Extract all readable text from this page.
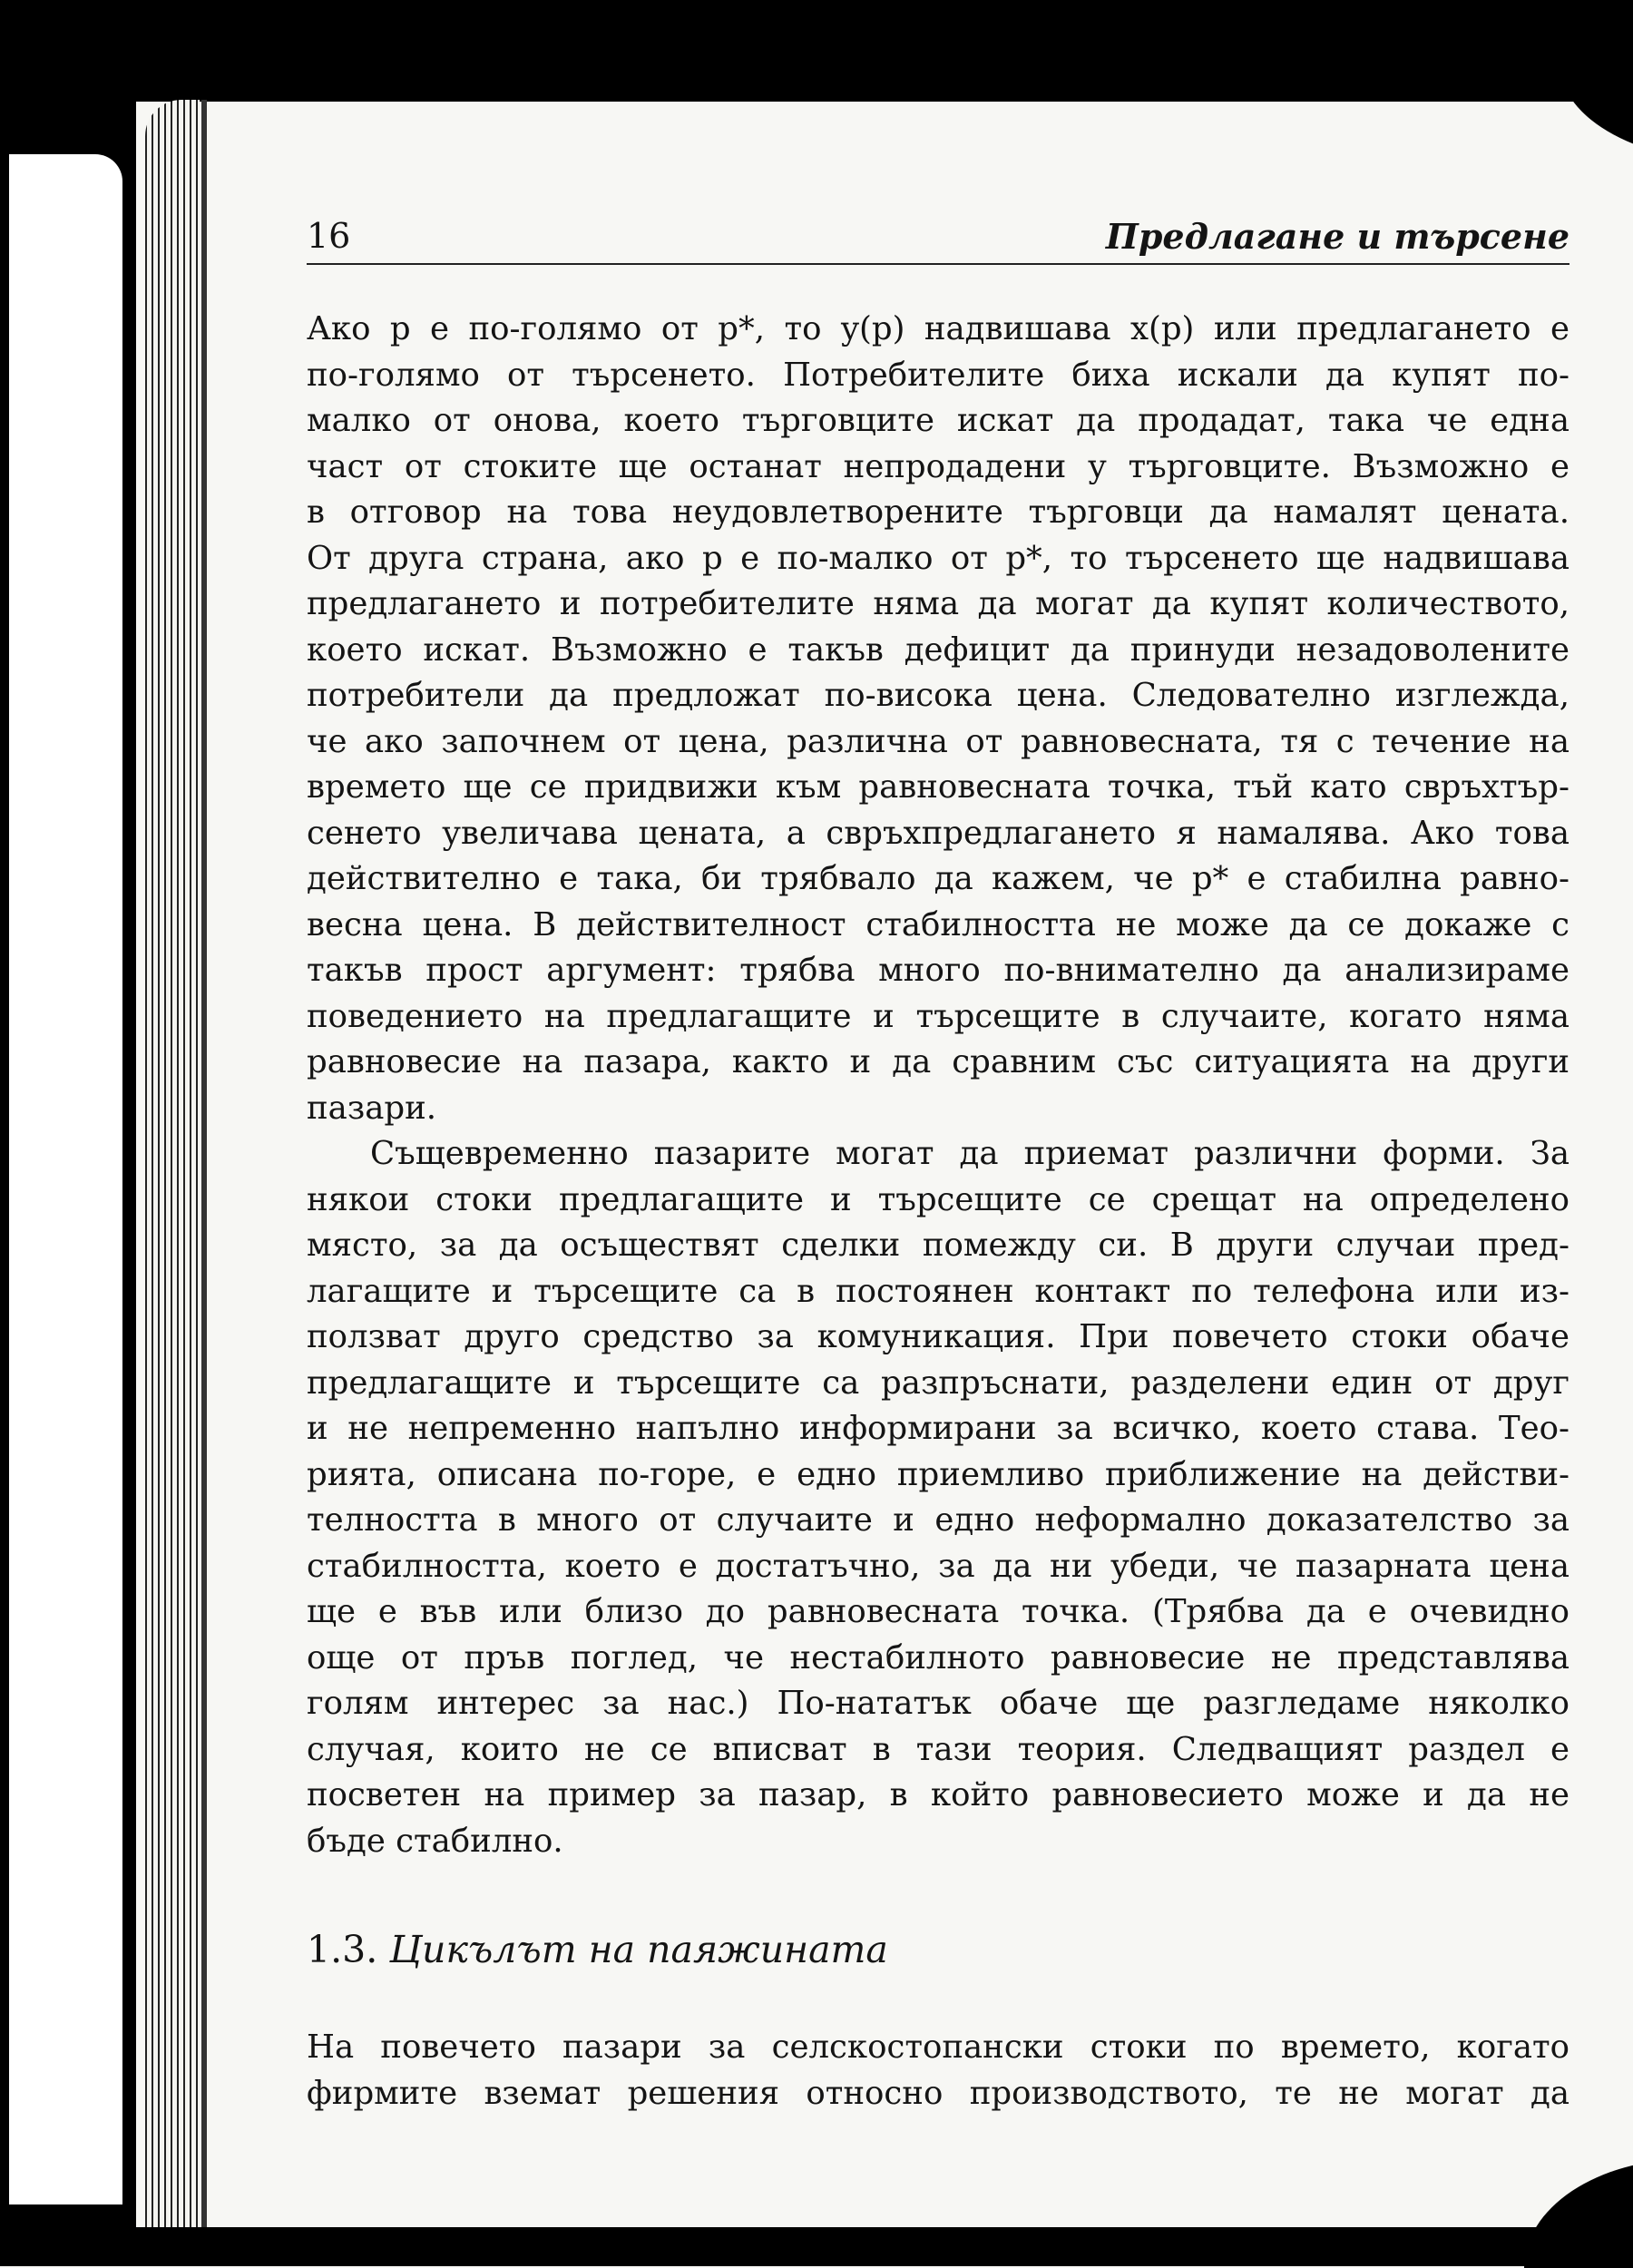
16	Предлагане и търсене
Ако p е по-голямо от p*, то y(p) надвишава x(p) или предлагането е
по-голямо от търсенето. Потребителите биха искали да купят по-
малко от онова, което търговците искат да продадат, така че една
част от стоките ще останат непродадени у търговците. Възможно е
в отговор на това неудовлетворените търговци да намалят цената.
От друга страна, ако p е по-малко от p*, то търсенето ще надвишава
предлагането и потребителите няма да могат да купят количеството,
което искат. Възможно е такъв дефицит да принуди незадоволените
потребители да предложат по-висока цена. Следователно изглежда,
че ако започнем от цена, различна от равновесната, тя с течение на
времето ще се придвижи към равновесната точка, тъй като свръхтър-
сенето увеличава цената, а свръхпредлагането я намалява. Ако това
действително е така, би трябвало да кажем, че p* е стабилна равно-
весна цена. В действителност стабилността не може да се докаже с
такъв прост аргумент: трябва много по-внимателно да анализираме
поведението на предлагащите и търсещите в случаите, когато няма
равновесие на пазара, както и да сравним със ситуацията на други
пазари.
Същевременно пазарите могат да приемат различни форми. За
някои стоки предлагащите и търсещите се срещат на определено
място, за да осъществят сделки помежду си. В други случаи пред-
лагащите и търсещите са в постоянен контакт по телефона или из-
ползват друго средство за комуникация. При повечето стоки обаче
предлагащите и търсещите са разпръснати, разделени един от друг
и не непременно напълно информирани за всичко, което става. Тео-
рията, описана по-горе, е едно приемливо приближение на действи-
телността в много от случаите и едно неформално доказателство за
стабилността, което е достатъчно, за да ни убеди, че пазарната цена
ще е във или близо до равновесната точка. (Трябва да е очевидно
още от пръв поглед, че нестабилното равновесие не представлява
голям интерес за нас.) По-нататък обаче ще разгледаме няколко
случая, които не се вписват в тази теория. Следващият раздел е
посветен на пример за пазар, в който равновесието може и да не
бъде стабилно.
1.3. Цикълът на паяжината
На повечето пазари за селскостопански стоки по времето, когато
фирмите вземат решения относно производството, те не могат да
